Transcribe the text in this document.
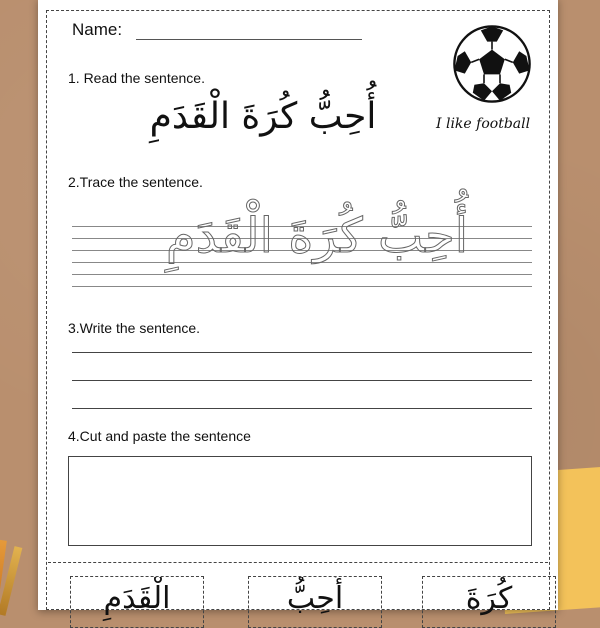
Name:
I like football
1. Read the sentence.
أُحِبُّ كُرَةَ الْقَدَمِ
2.Trace the sentence.
أُحِبُّ كُرَةَ الْقَدَمِ
3.Write the sentence.
4.Cut and paste the sentence
الْقَدَمِ	أُحِبُّ	كُرَةَ
